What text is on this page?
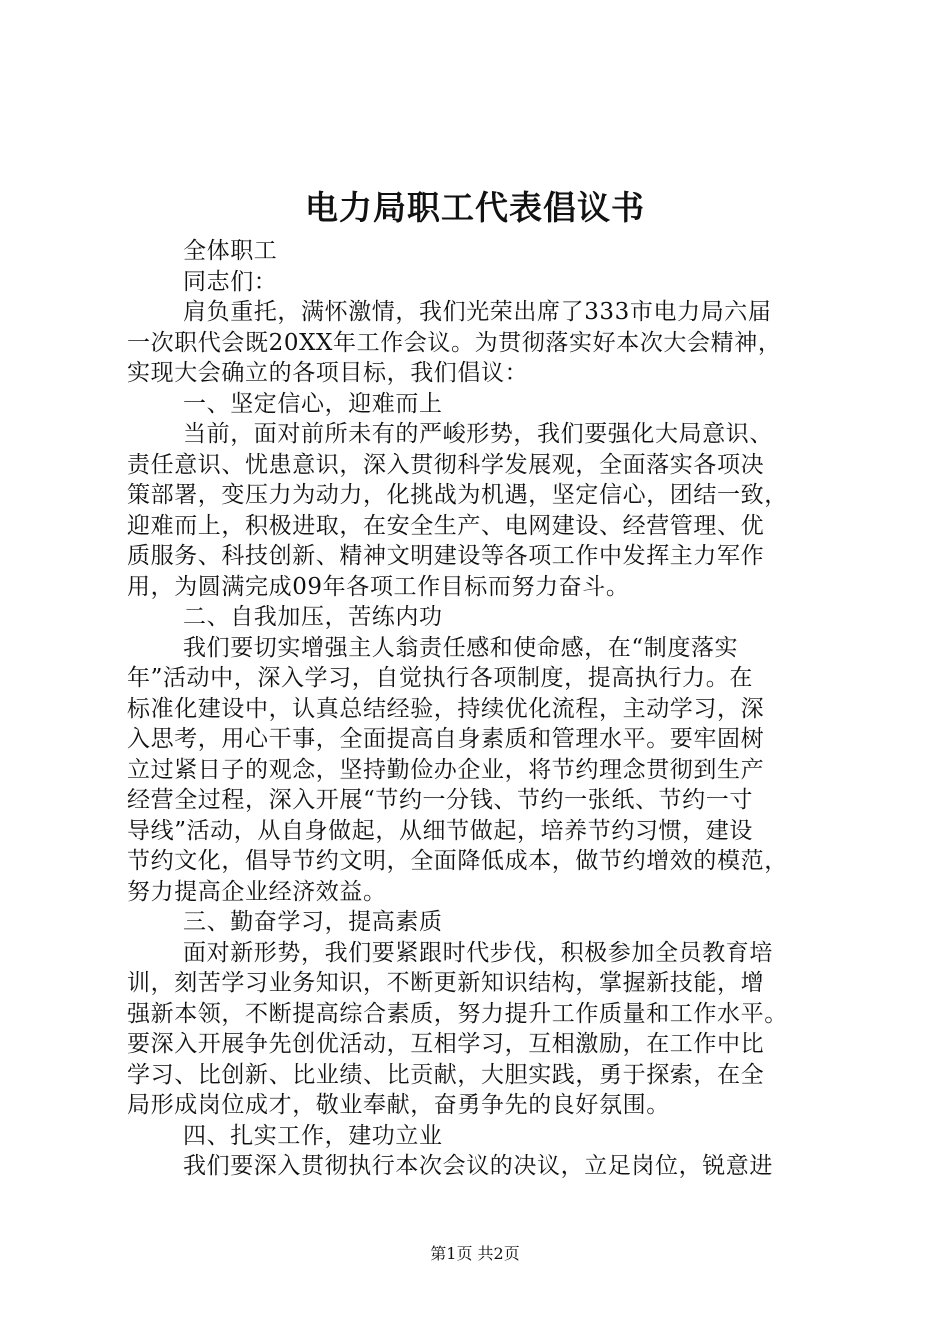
电力局职工代表倡议书
全体职工
同志们：
肩负重托，满怀激情，我们光荣出席了333市电力局六届
一次职代会既20XX年工作会议。为贯彻落实好本次大会精神，
实现大会确立的各项目标，我们倡议：
一、坚定信心，迎难而上
当前，面对前所未有的严峻形势，我们要强化大局意识、
责任意识、忧患意识，深入贯彻科学发展观，全面落实各项决
策部署，变压力为动力，化挑战为机遇，坚定信心，团结一致，
迎难而上，积极进取，在安全生产、电网建设、经营管理、优
质服务、科技创新、精神文明建设等各项工作中发挥主力军作
用，为圆满完成09年各项工作目标而努力奋斗。
二、自我加压，苦练内功
我们要切实增强主人翁责任感和使命感，在“制度落实
年”活动中，深入学习，自觉执行各项制度，提高执行力。在
标准化建设中，认真总结经验，持续优化流程，主动学习，深
入思考，用心干事，全面提高自身素质和管理水平。要牢固树
立过紧日子的观念，坚持勤俭办企业，将节约理念贯彻到生产
经营全过程，深入开展“节约一分钱、节约一张纸、节约一寸
导线”活动，从自身做起，从细节做起，培养节约习惯，建设
节约文化，倡导节约文明，全面降低成本，做节约增效的模范，
努力提高企业经济效益。
三、勤奋学习，提高素质
面对新形势，我们要紧跟时代步伐，积极参加全员教育培
训，刻苦学习业务知识，不断更新知识结构，掌握新技能，增
强新本领，不断提高综合素质，努力提升工作质量和工作水平。
要深入开展争先创优活动，互相学习，互相激励，在工作中比
学习、比创新、比业绩、比贡献，大胆实践，勇于探索，在全
局形成岗位成才，敬业奉献，奋勇争先的良好氛围。
四、扎实工作，建功立业
我们要深入贯彻执行本次会议的决议，立足岗位，锐意进
第1页 共2页
